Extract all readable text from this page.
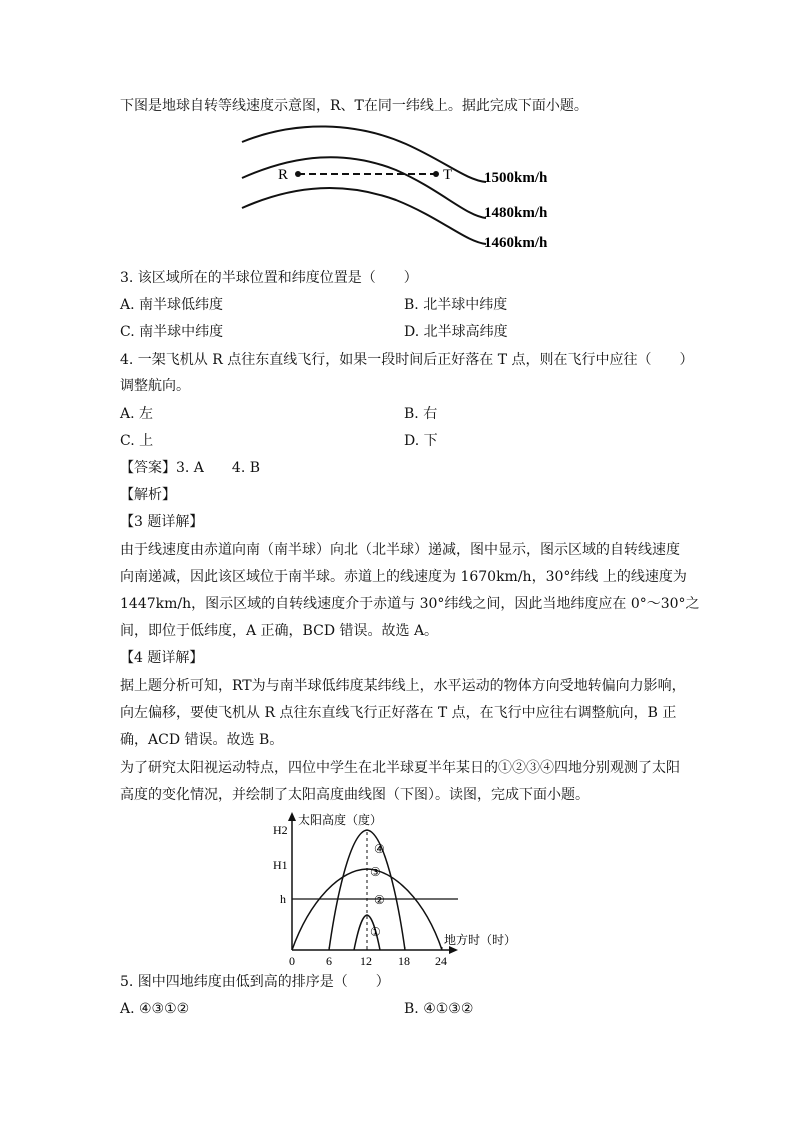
下图是地球自转等线速度示意图，R、T在同一纬线上。据此完成下面小题。
R	T 1500km/h
1480km/h
1460km/h
3. 该区域所在的半球位置和纬度位置是（　　）
A. 南半球低纬度	B. 北半球中纬度
C. 南半球中纬度	D. 北半球高纬度
4. 一架飞机从 R 点往东直线飞行，如果一段时间后正好落在 T 点，则在飞行中应往（　　）
调整航向。
A. 左	B. 右
C. 上	D. 下
【答案】3. A　　4. B
【解析】
【3 题详解】
由于线速度由赤道向南（南半球）向北（北半球）递减，图中显示，图示区域的自转线速度
向南递减，因此该区域位于南半球。赤道上的线速度为 1670km/h，30°纬线 上的线速度为
1447km/h，图示区域的自转线速度介于赤道与 30°纬线之间，因此当地纬度应在 0°～30°之
间，即位于低纬度，A 正确，BCD 错误。故选 A。
【4 题详解】
据上题分析可知，RT为与南半球低纬度某纬线上，水平运动的物体方向受地转偏向力影响，
向左偏移，要使飞机从 R 点往东直线飞行正好落在 T 点，在飞行中应往右调整航向，B 正
确，ACD 错误。故选 B。
为了研究太阳视运动特点，四位中学生在北半球夏半年某日的①②③④四地分别观测了太阳
高度的变化情况，并绘制了太阳高度曲线图（下图）。读图，完成下面小题。
太阳高度（度）
地方时（时）
H2
H1
h
0	6 12 18 24
④
③
②
①
5. 图中四地纬度由低到高的排序是（　　）
A. ④③①②	B. ④①③②
